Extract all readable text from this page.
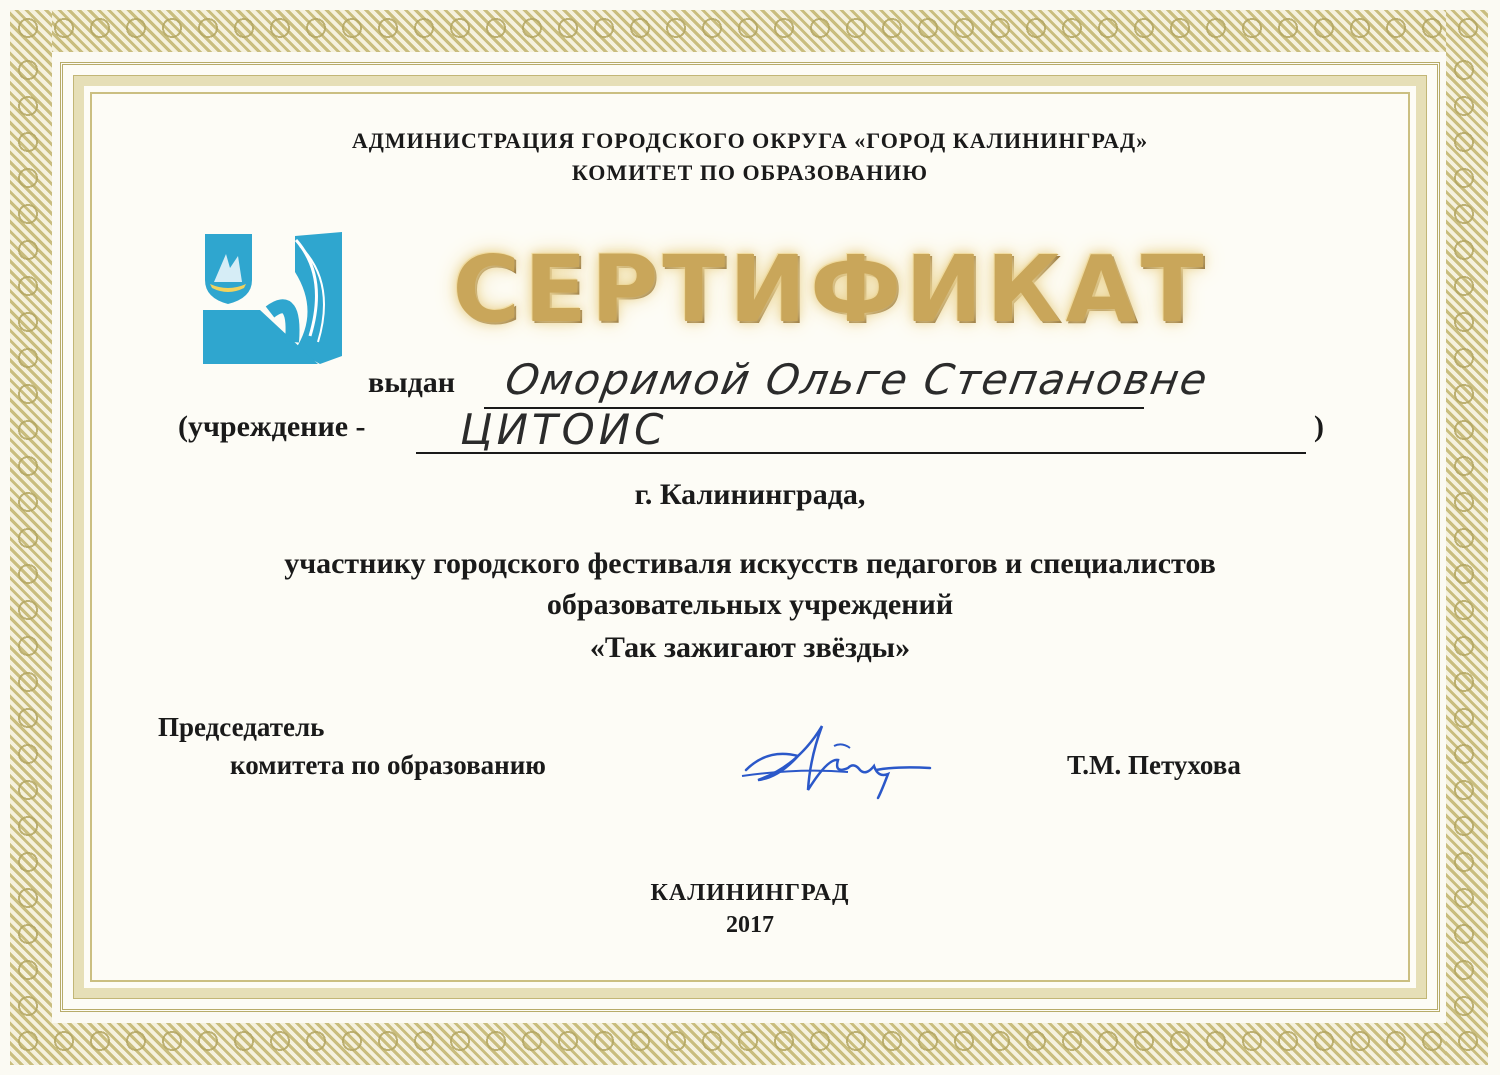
АДМИНИСТРАЦИЯ ГОРОДСКОГО ОКРУГА «ГОРОД КАЛИНИНГРАД»
КОМИТЕТ ПО ОБРАЗОВАНИЮ
СЕРТИФИКАТ
выдан Оморимой Ольге Степановне
(учреждение - ЦИТОИС	)
г. Калининграда,
участнику городского фестиваля искусств педагогов и специалистов
образовательных учреждений
«Так зажигают звёзды»
Председатель
комитета по образованию	Т.М. Петухова
КАЛИНИНГРАД
2017
